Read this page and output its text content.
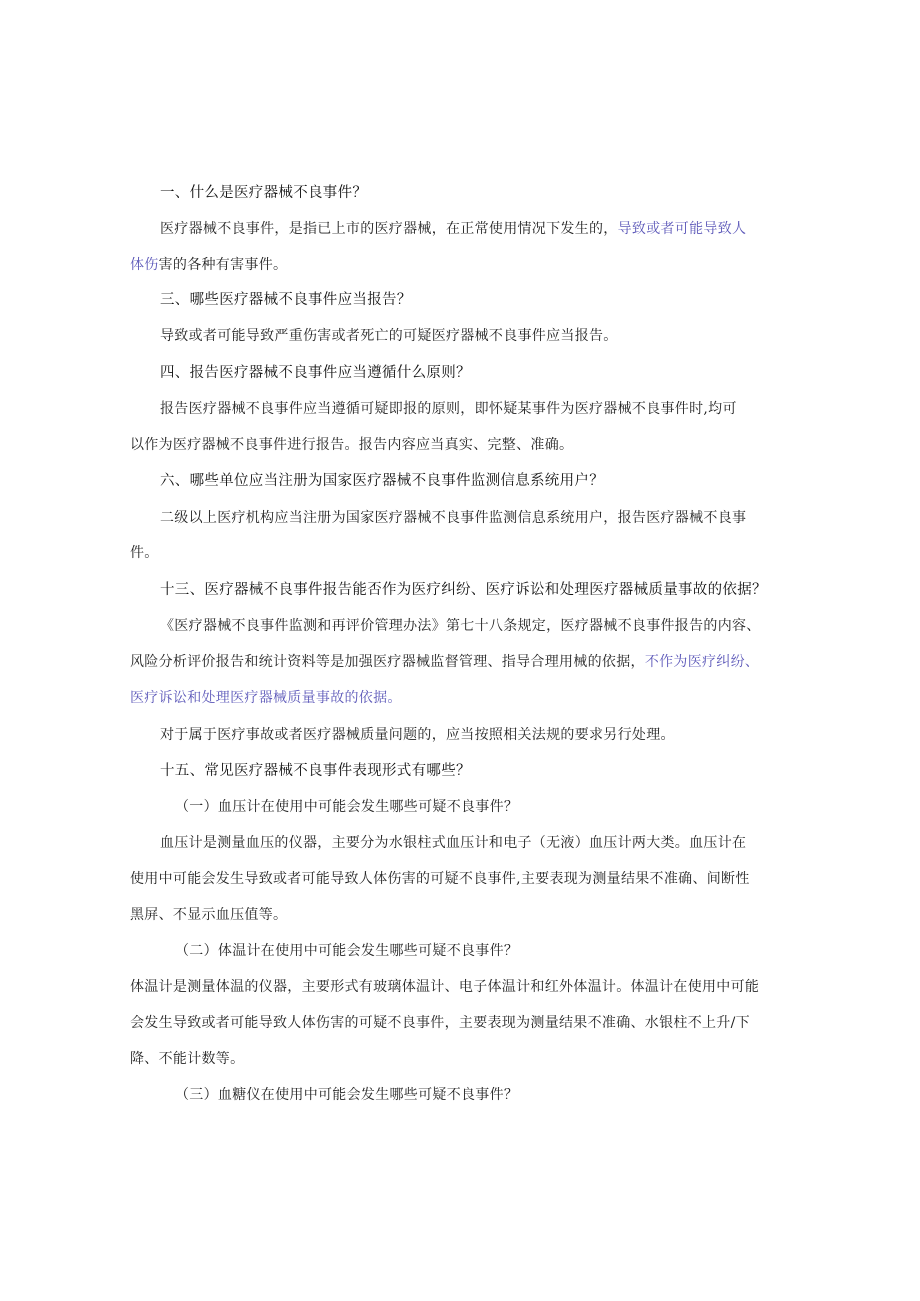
一、什么是医疗器械不良事件？
医疗器械不良事件，是指已上市的医疗器械，在正常使用情况下发生的，导致或者可能导致人
体伤害的各种有害事件。
三、哪些医疗器械不良事件应当报告？
导致或者可能导致严重伤害或者死亡的可疑医疗器械不良事件应当报告。
四、报告医疗器械不良事件应当遵循什么原则？
报告医疗器械不良事件应当遵循可疑即报的原则，即怀疑某事件为医疗器械不良事件时,均可
以作为医疗器械不良事件进行报告。报告内容应当真实、完整、准确。
六、哪些单位应当注册为国家医疗器械不良事件监测信息系统用户？
二级以上医疗机构应当注册为国家医疗器械不良事件监测信息系统用户，报告医疗器械不良事
件。
十三、医疗器械不良事件报告能否作为医疗纠纷、医疗诉讼和处理医疗器械质量事故的依据？
《医疗器械不良事件监测和再评价管理办法》第七十八条规定，医疗器械不良事件报告的内容、
风险分析评价报告和统计资料等是加强医疗器械监督管理、指导合理用械的依据，不作为医疗纠纷、
医疗诉讼和处理医疗器械质量事故的依据。
对于属于医疗事故或者医疗器械质量问题的，应当按照相关法规的要求另行处理。
十五、常见医疗器械不良事件表现形式有哪些？
（一）血压计在使用中可能会发生哪些可疑不良事件？
血压计是测量血压的仪器，主要分为水银柱式血压计和电子（无液）血压计两大类。血压计在
使用中可能会发生导致或者可能导致人体伤害的可疑不良事件,主要表现为测量结果不准确、间断性
黑屏、不显示血压值等。
（二）体温计在使用中可能会发生哪些可疑不良事件？
体温计是测量体温的仪器，主要形式有玻璃体温计、电子体温计和红外体温计。体温计在使用中可能
会发生导致或者可能导致人体伤害的可疑不良事件，主要表现为测量结果不准确、水银柱不上升/下
降、不能计数等。
（三）血糖仪在使用中可能会发生哪些可疑不良事件？
